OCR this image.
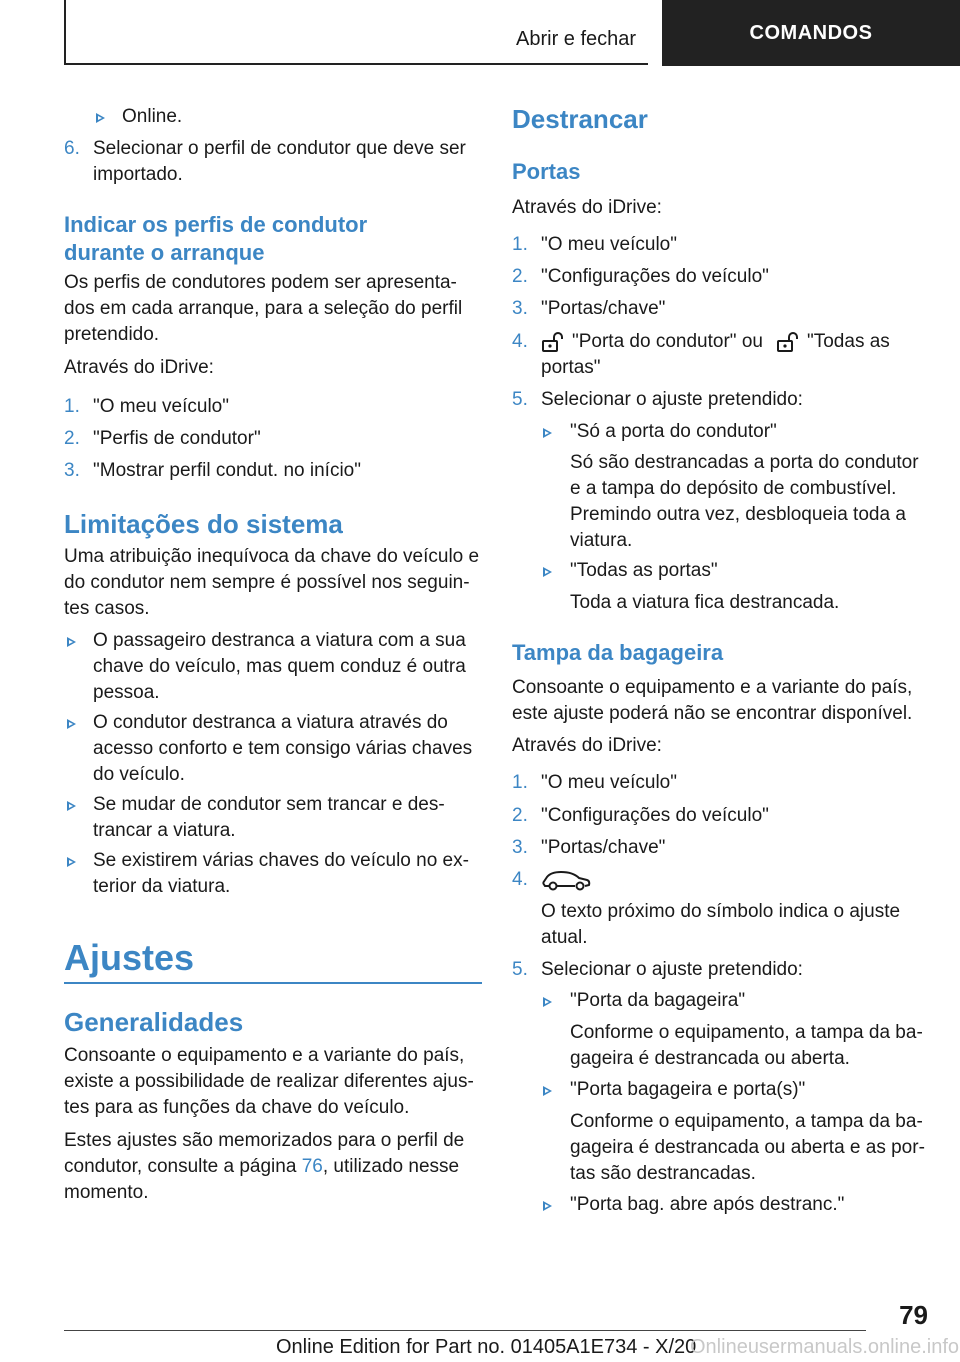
Abrir e fechar	COMANDOS
Online.
6. Selecionar o perfil de condutor que deve ser
importado.
Indicar os perfis de condutor
durante o arranque
Os perfis de condutores podem ser apresenta-
dos em cada arranque, para a seleção do perfil
pretendido.
Através do iDrive:
1. "O meu veículo"
2. "Perfis de condutor"
3. "Mostrar perfil condut. no início"
Limitações do sistema
Uma atribuição inequívoca da chave do veículo e
do condutor nem sempre é possível nos seguin-
tes casos.
O passageiro destranca a viatura com a sua
chave do veículo, mas quem conduz é outra
pessoa.
O condutor destranca a viatura através do
acesso conforto e tem consigo várias chaves
do veículo.
Se mudar de condutor sem trancar e des-
trancar a viatura.
Se existirem várias chaves do veículo no ex-
terior da viatura.
Ajustes
Generalidades
Consoante o equipamento e a variante do país,
existe a possibilidade de realizar diferentes ajus-
tes para as funções da chave do veículo.
Estes ajustes são memorizados para o perfil de
condutor, consulte a página 76, utilizado nesse
momento.
Destrancar
Portas
Através do iDrive:
1. "O meu veículo"
2. "Configurações do veículo"
3. "Portas/chave"
4. "Porta do condutor" ou "Todas as
portas"
5. Selecionar o ajuste pretendido:
"Só a porta do condutor"
Só são destrancadas a porta do condutor
e a tampa do depósito de combustível.
Premindo outra vez, desbloqueia toda a
viatura.
"Todas as portas"
Toda a viatura fica destrancada.
Tampa da bagageira
Consoante o equipamento e a variante do país,
este ajuste poderá não se encontrar disponível.
Através do iDrive:
1. "O meu veículo"
2. "Configurações do veículo"
3. "Portas/chave"
4.
O texto próximo do símbolo indica o ajuste
atual.
5. Selecionar o ajuste pretendido:
"Porta da bagageira"
Conforme o equipamento, a tampa da ba-
gageira é destrancada ou aberta.
"Porta bagageira e porta(s)"
Conforme o equipamento, a tampa da ba-
gageira é destrancada ou aberta e as por-
tas são destrancadas.
"Porta bag. abre após destranc."
79
Online Edition for Part no. 01405A1E734 - X/20
Onlineusermanuals.online.info
